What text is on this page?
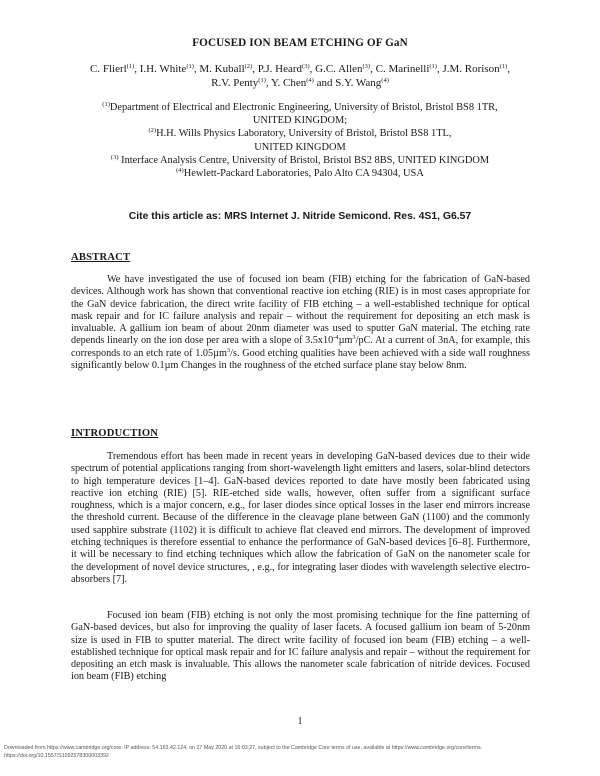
FOCUSED ION BEAM ETCHING OF GaN
C. Flierl$^{(1)}$, I.H. White$^{(1)}$, M. Kuball$^{(2)}$, P.J. Heard$^{(3)}$, G.C. Allen$^{(3)}$, C. Marinelli$^{(1)}$, J.M. Rorison$^{(1)}$,
R.V. Penty$^{(1)}$, Y. Chen$^{(4)}$ and S.Y. Wang$^{(4)}$
$^{(1)}$Department of Electrical and Electronic Engineering, University of Bristol, Bristol BS8 1TR,
UNITED KINGDOM;
$^{(2)}$H.H. Wills Physics Laboratory, University of Bristol, Bristol BS8 1TL,
UNITED KINGDOM
$^{(3)}$ Interface Analysis Centre, University of Bristol, Bristol BS2 8BS, UNITED KINGDOM
$^{(4)}$Hewlett-Packard Laboratories, Palo Alto CA 94304, USA
Cite this article as: MRS Internet J. Nitride Semicond. Res. 4S1, G6.57
ABSTRACT

We have investigated the use of focused ion beam (FIB) etching for the fabrication of GaN-based devices. Although work has shown that conventional reactive ion etching (RIE) is in most cases appropriate for the GaN device fabrication, the direct write facility of FIB etching – a well-established technique for optical mask repair and for IC failure analysis and repair – without the requirement for depositing an etch mask is invaluable. A gallium ion beam of about 20nm diameter was used to sputter GaN material. The etching rate depends linearly on the ion dose per area with a slope of $3.5x10^{-4}\mu m^3/pC$. At a current of 3nA, for example, this corresponds to an etch rate of 1.05µm$^3$/s. Good etching qualities have been achieved with a side wall roughness significantly below 0.1µm Changes in the roughness of the etched surface plane stay below 8nm.

INTRODUCTION

Tremendous effort has been made in recent years in developing GaN-based devices due to their wide spectrum of potential applications ranging from short-wavelength light emitters and lasers, solar-blind detectors to high temperature devices [1–4]. GaN-based devices reported to date have mostly been fabricated using reactive ion etching (RIE) [5]. RIE-etched side walls, however, often suffer from a significant surface roughness, which is a major concern, e.g., for laser diodes since optical losses in the laser end mirrors increase the threshold current. Because of the difference in the cleavage plane between GaN (1100) and the commonly used sapphire substrate (1102) it is difficult to achieve flat cleaved end mirrors. The development of improved etching techniques is therefore essential to enhance the performance of GaN-based devices [6–8]. Furthermore, it will be necessary to find etching techniques which allow the fabrication of GaN on the nanometer scale for the development of novel device structures, , e.g., for integrating laser diodes with wavelength selective electro-absorbers [7].

Focused ion beam (FIB) etching is not only the most promising technique for the fine patterning of GaN-based devices, but also for improving the quality of laser facets. A focused gallium ion beam of 5-20nm size is used in FIB to sputter material. The direct write facility of focused ion beam (FIB) etching – a well-established technique for optical mask repair and for IC failure analysis and repair – without the requirement for depositing an etch mask is invaluable. This allows the nanometer scale fabrication of nitride devices. Focused ion beam (FIB) etching

1
Downloaded from https://www.cambridge.org/core. IP address: 54.163.42.124, on 27 May 2020 at 16:03:27, subject to the Cambridge Core terms of use, available at https://www.cambridge.org/core/terms.
https://doi.org/10.1557/S1092578300003392
